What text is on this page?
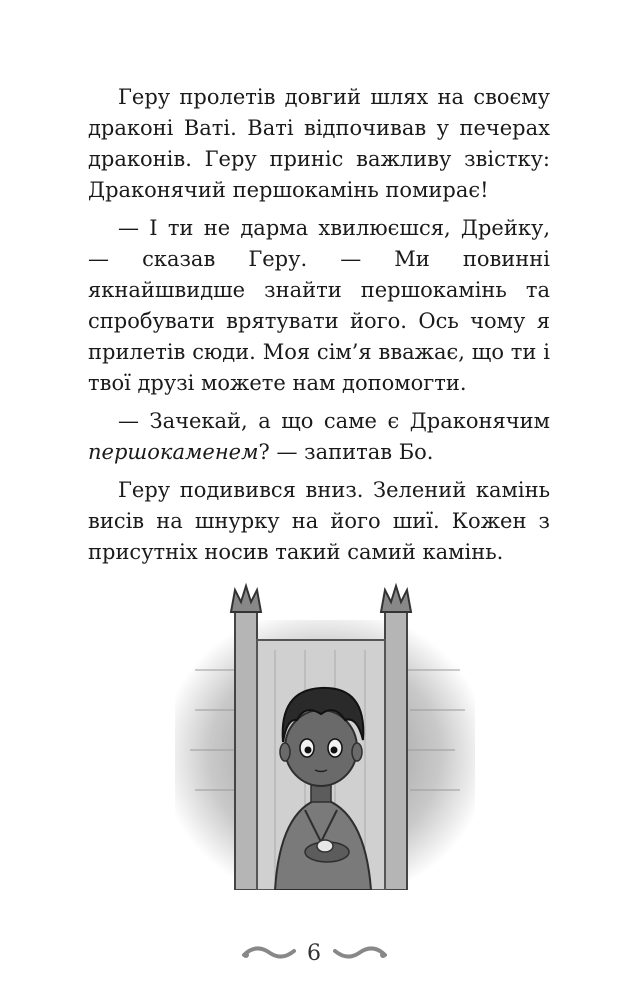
Геру пролетів довгий шлях на своєму драконі Ваті. Ваті відпочивав у печерах драконів. Геру приніс важливу звістку: Драконячий першокамінь помирає!

— І ти не дарма хвилюєшся, Дрейку, — сказав Геру. — Ми повинні якнайшвидше знайти першокамінь та спробувати врятувати його. Ось чому я прилетів сюди. Моя сім’я вважає, що ти і твої друзі можете нам допомогти.

— Зачекай, а що саме є Драконячим першокаменем? — запитав Бо.

Геру подивився вниз. Зелений камінь висів на шнурку на його шиї. Кожен з присутніх носив такий самий камінь.

6
